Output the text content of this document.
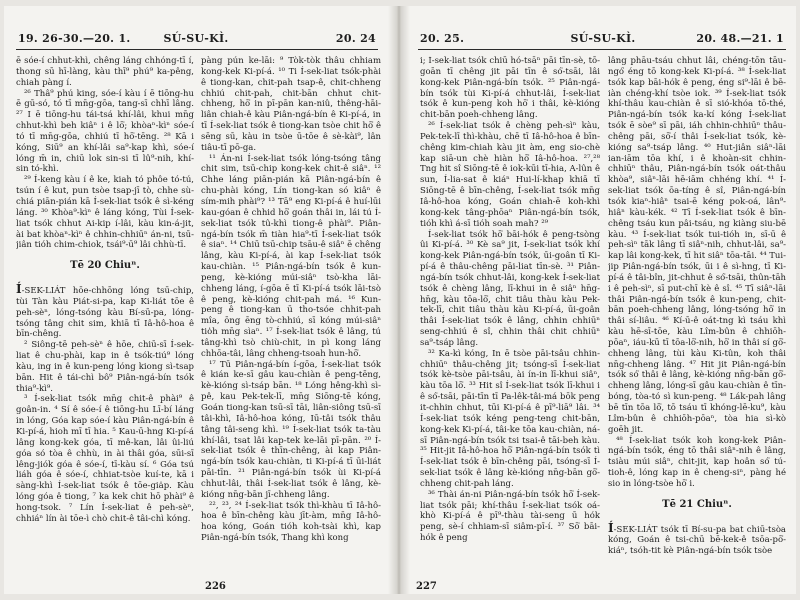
19. 26-30.—20. 1.	SÚ-SU-KÌ.	20. 24

ē sóe-í chhut-khì, chêng láng chhóng-tī í, thong sū hī-làng, kàu thī⁹ phú⁹ ka-pêng, chiah pàng í.

²⁶ Thâ⁹ phú king, sóe-í kàu í ē tiōng-hu ē gū-só, tó tī mn̄g-gōa, tang-sī chhī lâng. ²⁷ I ē tiōng-hu tái-tsá khí-lâi, khui mn̄g chhut-khì beh kiâⁿ i ê lō͘; khòaⁿ-kìⁿ sóe-í tó tī mn̄g-gōa, chhiú tī hō͘-tēng. ²⁸ Kā i kóng, Siū⁹ an khí-lâi sa⁹-kap khì, sóe-í lóng m̄ in, chiū lok sin-si tī lû⁹-nih, khí-sin tó-khì.

²⁹ Í-keng kàu í ê ke, kiah tó phôe tó-tú, tsún í ê kut, pun tsòe tsap-jī tò, chhe sù-chiá piān-pián kā Í-sek-liat tsók ê sì-kéng láng. ³⁰ Khòa⁹-kìⁿ ê láng kóng, Tùi Í-sek-liat tsók chhut Ai-kip í-lâi, kàu kin-á-jit, ài bat khòaⁿ-kìⁿ ê chhin-chhiūⁿ án-ni, tsū-jiân tióh chim-chiok, tsái⁹-ū⁹ lâi chhù-tī.

Tē 20 Chiuⁿ.

Í-SEK-LIÁT hōe-chhōng lóng tsū-chip, tùi Tàn kàu Piát-si-pa, kap Ki-liát tōe ê peh-sèⁿ, lóng-tsóng kàu Bí-sū-pa, lóng-tsóng tâng chit sim, khiā tī Iâ-hô-hoa ê bīn-chêng.

² Siông-tē peh-sèⁿ ê hōe, chiū-sī Í-sek-liat ê chu-phài, kap in ê tsók-tiú⁹ lóng kàu, ing in ê kun-peng lóng kiong sì-tsap bān. Hit ê tái-chì bô⁹ Piân-ngá-bín tsók thia⁹-kì⁹.

³ Í-sek-liat tsók mn̄g chit-ê phài⁹ ê goân-in. ⁴ Sí ê sóe-í ê tiōng-hu Lī-bí láng in lóng, Góa kap sóe-í kàu Piân-ngá-bín ê Ki-pí-á, hioh mī tī hia. ⁵ Kau-ū-hng Ki-pí-á lâng kong-kek góa, tī mê-kan, lâi ûi-liú góa só tòa ê chhù, in ài thâi góa, sūi-sī lêng-jiók góa ê sóe-í, tī-kàu sí. ⁶ Góa tsú liáh góa ê sóe-í, chhiat-tsòe kuí-te, kā i sàng-khì Í-sek-liat tsók ê tōe-gia̍p. Kàu lóng góa ê tiong, ⁷ ka kek chit hō phài⁹ ê hong-tsok. ⁷ Lín Í-sek-liat ê peh-sèⁿ, chhiáⁿ lín ài tōe-ì chò chit-ê tâi-chì kóng.

pàng pún ke-lāi: ⁹ Tòk-tòk thâu chhiam kong-kek Ki-pí-á. ¹⁰ Ti Í-sek-liat tsók-phài ê tiong-kan, chit-pah tsap-ê, chit-chheng chhiú chit-pah, chit-bān chhut chit-chheng, hō͘ in pī-pān kan-niû, thêng-hāi-liân chiah-ê kàu Piân-ngá-bín ê Ki-pí-á, in tī Í-sek-liat tsók ê tiong-kan tsòe chit hō͘ ê sēng sū, kàu in tsòe ū-tōe ê sè-kài⁹, lân tiâu-tī pō-ga.

¹¹ Án-ni Í-sek-liat tsók lóng-tsóng tâng chit sim, tsū-chip kong-kek chit-ê siâⁿ. ¹² Chhe láng piān-pián kā Piân-ngá-bín ê chu-phài kóng, Lín tiong-kan só kiâⁿ ê sím-mih phài⁹? ¹³ Tā⁹ eng Ki-pí-á ê huí-lūi kau-góan ê chhid hō͘ goán thâi in, lái tú Í-sek-liat tsók tû-khì tiong-ê phài⁹. Piân-ngá-bín tsók m̄ tiàn hia⁹-tī Í-sek-liat tsók ê siaⁿ. ¹⁴ Chiū tsū-chip tsāu-ê siâⁿ ē chêng lâng, kàu Ki-pí-á, ài kap Í-sek-liat tsók kau-chiàn. ¹⁵ Piân-ngá-bín tsók ê kun-peng, kè-kióng múi-siâⁿ tsò-kha lāi-chheng láng, í-gōa ē tī Ki-pí-á tsók lāi-tsò ê peng, kè-kióng chit-pah má. ¹⁶ Kun-peng ê tiong-kan ū tho-tsóe chhit-pah mîa, ōng ēng tò-chhiú, sī kóng múi-siâⁿ tio̍h mn̄g sìaⁿ. ¹⁷ Í-sek-liat tsók ê lâng, tú tâng-khì tsò chiù-chit, in pì kong láng chhōa-tâi, lâng chheng-tsoah hun-hō͘.

¹⁷ Tū Piân-ngá-bín í-gōa, Í-sek-liat tsók ê kián ke-sī gâu kau-chiàn ê peng-tēng, kè-kióng sì-tsáp bān. ¹⁸ Lóng hêng-khì sì-pê, kau Pek-tek-lī, mn̄g Siōng-tē kóng, Goán tiong-kan tsū-sī tāi, liân-siông tsū-sī tâi-khì, Iâ-hô-hoa kóng, Iū-tâi tsók thâu tâng tâi-seng khì. ¹⁹ Í-sek-liat tsók ta-tàu khí-lâi, tsat lâi kap-tek ke-lāi pī-pān. ²⁰ Í-sek-liat tsók ê thīn-chêng, ài kap Piân-ngá-bín tsók kau-chiàn, ti Ki-pí-á tī ūi-liát pāi-tīn. ²¹ Piân-ngá-bín tsók ùi Ki-pí-á chhut-lâi, thâi Í-sek-liat tsók ê lâng, kè-kióng nn̄g-bān jī-chheng lâng.

²², ²³, ²⁴ Í-sek-liat tsók thì-khàu tī Iâ-hô-hoa ê bīn-chêng kàu jīt-àm, mn̄g Iâ-hô-hoa kóng, Goán tióh koh-tsài khì, kap Piân-ngá-bín tsók, Thang khì kong

226
20. 25.	SÚ-SU-KÌ.	20. 48.—21. 1

i; Í-sek-liat tsók chiū hó-tsāⁿ pāi tīn-sè, tō-goān tī chêng jit pāi tīn ê só͘-tsāi, lâi kong-kek Piân-ngá-bín tsók. ²⁵ Piân-ngá-bín tsók tùi Ki-pí-á chhut-lâi, Í-sek-liat tsók ê kun-peng koh hō͘ i thâi, kè-kióng chit-bān poeh-chheng lâng.

²⁶ Í-sek-liat tsók ê chèng peh-sìⁿ kàu, Pek-tek-lī thì-khàu, chē tī Iâ-hô-hoa ê bīn-chêng kim-chiah kàu jit àm, eng sio-chè kap siā-un chè hiàn hō͘ Iâ-hô-hoa. ²⁷,²⁸ Tng hit sî Siōng-tē ê iok-kūi tī-hia, A-lûn ê sun, Í-lia-sat ê kiáⁿ Hui-lí-khap khiā tī Siōng-tē ê bīn-chêng, Í-sek-liat tsók mn̄g Iâ-hô-hoa kóng, Goán chiah-ē koh-khì kong-kek tâng-phōaⁿ Piân-ngá-bín tsók, tióh khì á-sī tióh soah mah? ²⁹

Í-sek-liat tsók hō͘ bāi-hók ê peng-tsòng ûi Ki-pí-á. ³⁰ Kè sa⁹ jit, Í-sek-liat tsók khí kong-kek Piân-ngá-bín tsók, ūi-goân tī Ki-pí-á ê thâu-chêng pāi-liat tīn-sè. ³¹ Piân-ngá-bín tsók chhut-lâi, kong-kek Í-sek-liat tsók ê chèng lâng, lī-khui in ê siâⁿ hn̄g-hn̄g, kàu tōa-lō͘, chit tiâu thàu kàu Pek-tek-lī, chit tiâu thàu kàu Ki-pí-á, ūi-goân thâi Í-sek-liat tsók ê lâng, chhin chhiūⁿ seng-chhiú ê sî, chhin thâi chit chhiūⁿ sa⁹-tsáp lâng.

³² Ka-kì kóng, In ē tsòe pāi-tsâu chhin-chhiūⁿ thâu-chêng jit; tsóng-sī Í-sek-liat tsók kè-tsòe pāi-tsâu, ài ín-in lī-khui siâⁿ, kàu tōa lō͘. ³³ Hit sî Í-sek-liat tsók lī-khui i ê só͘-tsāi, pāi-tīn tī Pa-lêk-tâi-má bōk peng it-chhin chhut, tūi Ki-pí-á ê pī⁹-liā⁹ lâi. ³⁴ Í-sek-liat tsók kéng peng-teng chit-bān, kong-kek Ki-pí-á, tâi-ke tōa kau-chiàn, ná-sī Piân-ngá-bín tsók tsi tsai-ê tāi-beh kàu. ³⁵ Hit-jit Iâ-hô-hoa hō͘ Piân-ngá-bín tsók tì Í-sek-liat tsók ê bīn-chêng pāi, tsóng-sī Í-sek-liat tsók ê lâng kè-kióng nn̄g-bān gō͘-chheng chit-pah láng.

³⁶ Thài án-ni Piân-ngá-bín tsók hō͘ Í-sek-liat tsók pāi; khí-thâu Í-sek-liat tsók oá-khò Ki-pí-á ê pī⁹-thàu tài-seng ū hók peng, sè-í chhiam-sī siâm-pī-í. ³⁷ Sō͘ bāi-hók ê peng

lâng phāu-tsáu chhut lâi, chéng-tōn tāu-ngó͘ éng tō kong-kek Ki-pí-á. ³⁸ Í-sek-liat tsók kap bāi-hók ê peng, éng si⁹-lāi ê bē-iàn chéng-khí tsòe iok. ³⁹ Í-sek-liat tsók khí-thâu kau-chiàn ê sī sió-khóa tō-thé, Piân-ngá-bín tsók ka-kí kóng Í-sek-liat tsók ē sòe⁹ sī pāi, iáh chhin-chhiūⁿ thâu-chêng pāi, sō͘-í thâi Í-sek-liat tsók, kè-kióng sa⁹-tsáp lâng. ⁴⁰ Hut-jiân siâⁿ-lāi ian-iām tōa khí, i ê khoàn-sit chhin-chhiūⁿ thâu, Piân-ngá-bín tsók oát-thâu khòa⁹, siâⁿ-lāi hē-iām chhéng khí. ⁴¹ Í-sek-liat tsók ōa-tíng ê sî, Piân-ngá-bín tsók kiaⁿ-hiâⁿ tsai-ē kéng pok-oá, lân⁹-hiâⁿ kàu-kék. ⁴² Tī Í-sek-liat tsók ê bīn-chêng tsáu kun pâi-tsáu, ng kiàng siu-bē kàu. ⁴³ Í-sek-liat tsók tui-tióh in, sī-ū ê peh-sìⁿ tāk lâng tī siâⁿ-nih, chhut-lâi, sa⁹-kap lâi kong-kek, tī hit siâⁿ tōa-tāi. ⁴⁴ Tui-jip Piân-ngá-bín tsók, ūi i ê sì-hng, tī Ki-pí-á ê tâi-bîn, jit-chhut ê só͘-tsāi, thûn-tāh i ê peh-sìⁿ, sī put-chī kè ê sî. ⁴⁵ Tī siâⁿ-lāi thâi Piân-ngá-bín tsók ê kun-peng, chit-bān poeh-chheng lâng, lóng-tsóng hō͘ in thâi sí-liâu. ⁴⁶ Kí-ū-ê oát-tng kì tsáu khì kàu hē-sī-tōe, kàu Lîm-bûn ê chhiōh-pōaⁿ, iáu-kū tī tōa-lō͘-nih, hō͘ in thâi sí gō͘-chheng lâng, tùi kàu Ki-tûn, koh thâi nn̄g-chheng lâng. ⁴⁷ Hit jit Piân-ngá-bín tsók só͘ thâi ê lâng, kè-kióng nn̄g-bān gō͘-chheng lâng, lóng-sī gâu kau-chiàn ê tīn-bóng, tòa-tó sì kun-peng. ⁴⁸ Lák-pah lâng bē tīn tōa lō͘, tō tsáu tī khóng-lē-ku⁹, kàu Lîm-bûn ê chhiōh-pōaⁿ, tòa hia sì-kò goēh jit.

⁴⁸ Í-sek-liat tsók koh kong-kek Piân-ngá-bín tsók, éng tō thâi siâⁿ-nih ê lâng, tsiàu múi siâⁿ, chit-jit, kap hoân só͘ tú-tioh-ê, lóng kap in ê cheng-siⁿ, pàng hé sio in lóng-tsòe hō͘ i.

Tē 21 Chiuⁿ.

Í-SEK-LIÁT tsók tī Bí-su-pa bat chiū-tsòa kóng, Goán ê tsi-chū bē-kek-ê tsōa-pō͘-kiáⁿ, tsóh-tit kè Piân-ngá-bín tsók tsòe

227
